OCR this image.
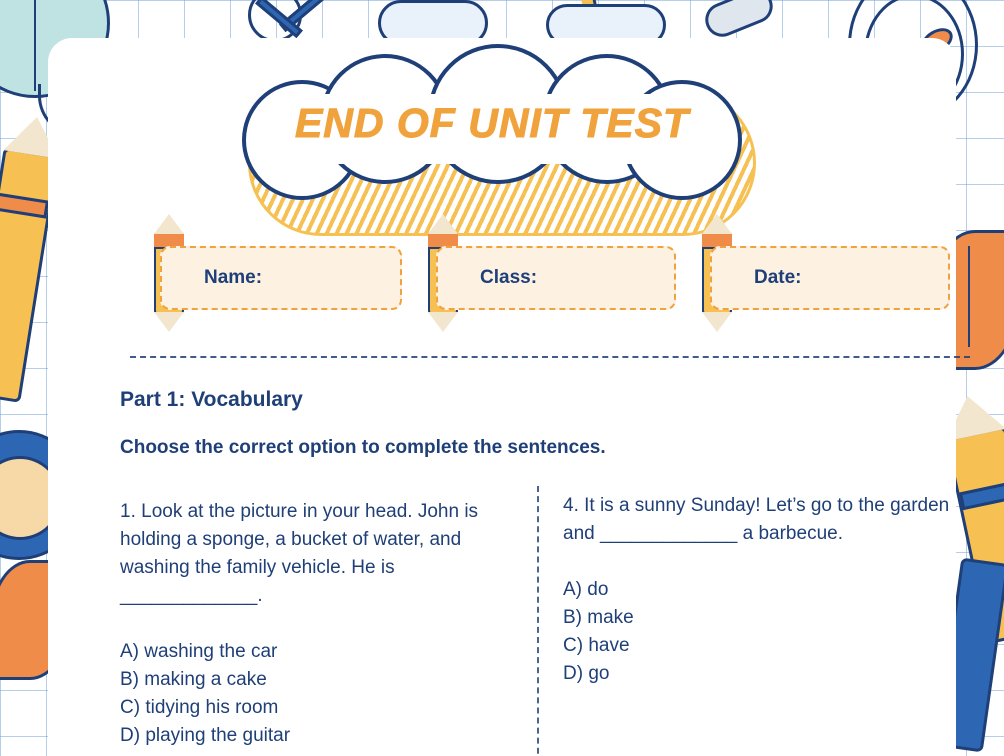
END OF UNIT TEST
Name:	Class:	Date:
Part 1: Vocabulary
Choose the correct option to complete the sentences.

1. Look at the picture in your head. John is holding a sponge, a bucket of water, and washing the family vehicle. He is _____________.

A) washing the car

B) making a cake

C) tidying his room

D) playing the guitar

4. It is a sunny Sunday! Let’s go to the garden and _____________ a barbecue.

A) do

B) make

C) have

D) go
